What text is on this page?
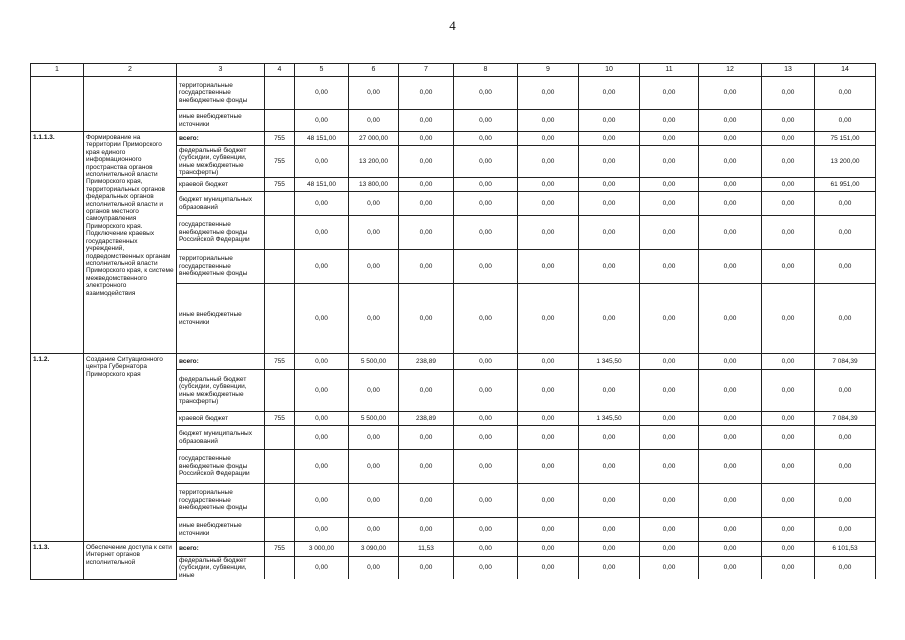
4
1	2	3	4	5	6	7	8	9	10	11	12	13	14
		территориальные государственные внебюджетные фонды		0,00	0,00	0,00	0,00	0,00	0,00	0,00	0,00	0,00	0,00
		иные внебюджетные источники		0,00	0,00	0,00	0,00	0,00	0,00	0,00	0,00	0,00	0,00
1.1.1.3.	Формирование на территории Приморского края единого информационного пространства органов исполнительной власти Приморского края, территориальных органов федеральных органов исполнительной власти и органов местного самоуправления Приморского края. Подключение краевых государственных учреждений, подведомственных органам исполнительной власти Приморского края, к системе межведомственного электронного взаимодействия	всего:	755	48 151,00	27 000,00	0,00	0,00	0,00	0,00	0,00	0,00	0,00	75 151,00
		федеральный бюджет (субсидии, субвенции, иные межбюджетные трансферты)	755	0,00	13 200,00	0,00	0,00	0,00	0,00	0,00	0,00	0,00	13 200,00
		краевой бюджет	755	48 151,00	13 800,00	0,00	0,00	0,00	0,00	0,00	0,00	0,00	61 951,00
		бюджет муниципальных образований		0,00	0,00	0,00	0,00	0,00	0,00	0,00	0,00	0,00	0,00
		государственные внебюджетные фонды Российской Федерации		0,00	0,00	0,00	0,00	0,00	0,00	0,00	0,00	0,00	0,00
		территориальные государственные внебюджетные фонды		0,00	0,00	0,00	0,00	0,00	0,00	0,00	0,00	0,00	0,00
		иные внебюджетные источники		0,00	0,00	0,00	0,00	0,00	0,00	0,00	0,00	0,00	0,00
1.1.2.	Создание Ситуационного центра Губернатора Приморского края	всего:	755	0,00	5 500,00	238,89	0,00	0,00	1 345,50	0,00	0,00	0,00	7 084,39
		федеральный бюджет (субсидии, субвенции, иные межбюджетные трансферты)		0,00	0,00	0,00	0,00	0,00	0,00	0,00	0,00	0,00	0,00
		краевой бюджет	755	0,00	5 500,00	238,89	0,00	0,00	1 345,50	0,00	0,00	0,00	7 084,39
		бюджет муниципальных образований		0,00	0,00	0,00	0,00	0,00	0,00	0,00	0,00	0,00	0,00
		государственные внебюджетные фонды Российской Федерации		0,00	0,00	0,00	0,00	0,00	0,00	0,00	0,00	0,00	0,00
		территориальные государственные внебюджетные фонды		0,00	0,00	0,00	0,00	0,00	0,00	0,00	0,00	0,00	0,00
		иные внебюджетные источники		0,00	0,00	0,00	0,00	0,00	0,00	0,00	0,00	0,00	0,00
1.1.3.	Обеспечение доступа к сети Интернет органов исполнительной	всего:	755	3 000,00	3 090,00	11,53	0,00	0,00	0,00	0,00	0,00	0,00	6 101,53
		федеральный бюджет (субсидии, субвенции, иные		0,00	0,00	0,00	0,00	0,00	0,00	0,00	0,00	0,00	0,00
